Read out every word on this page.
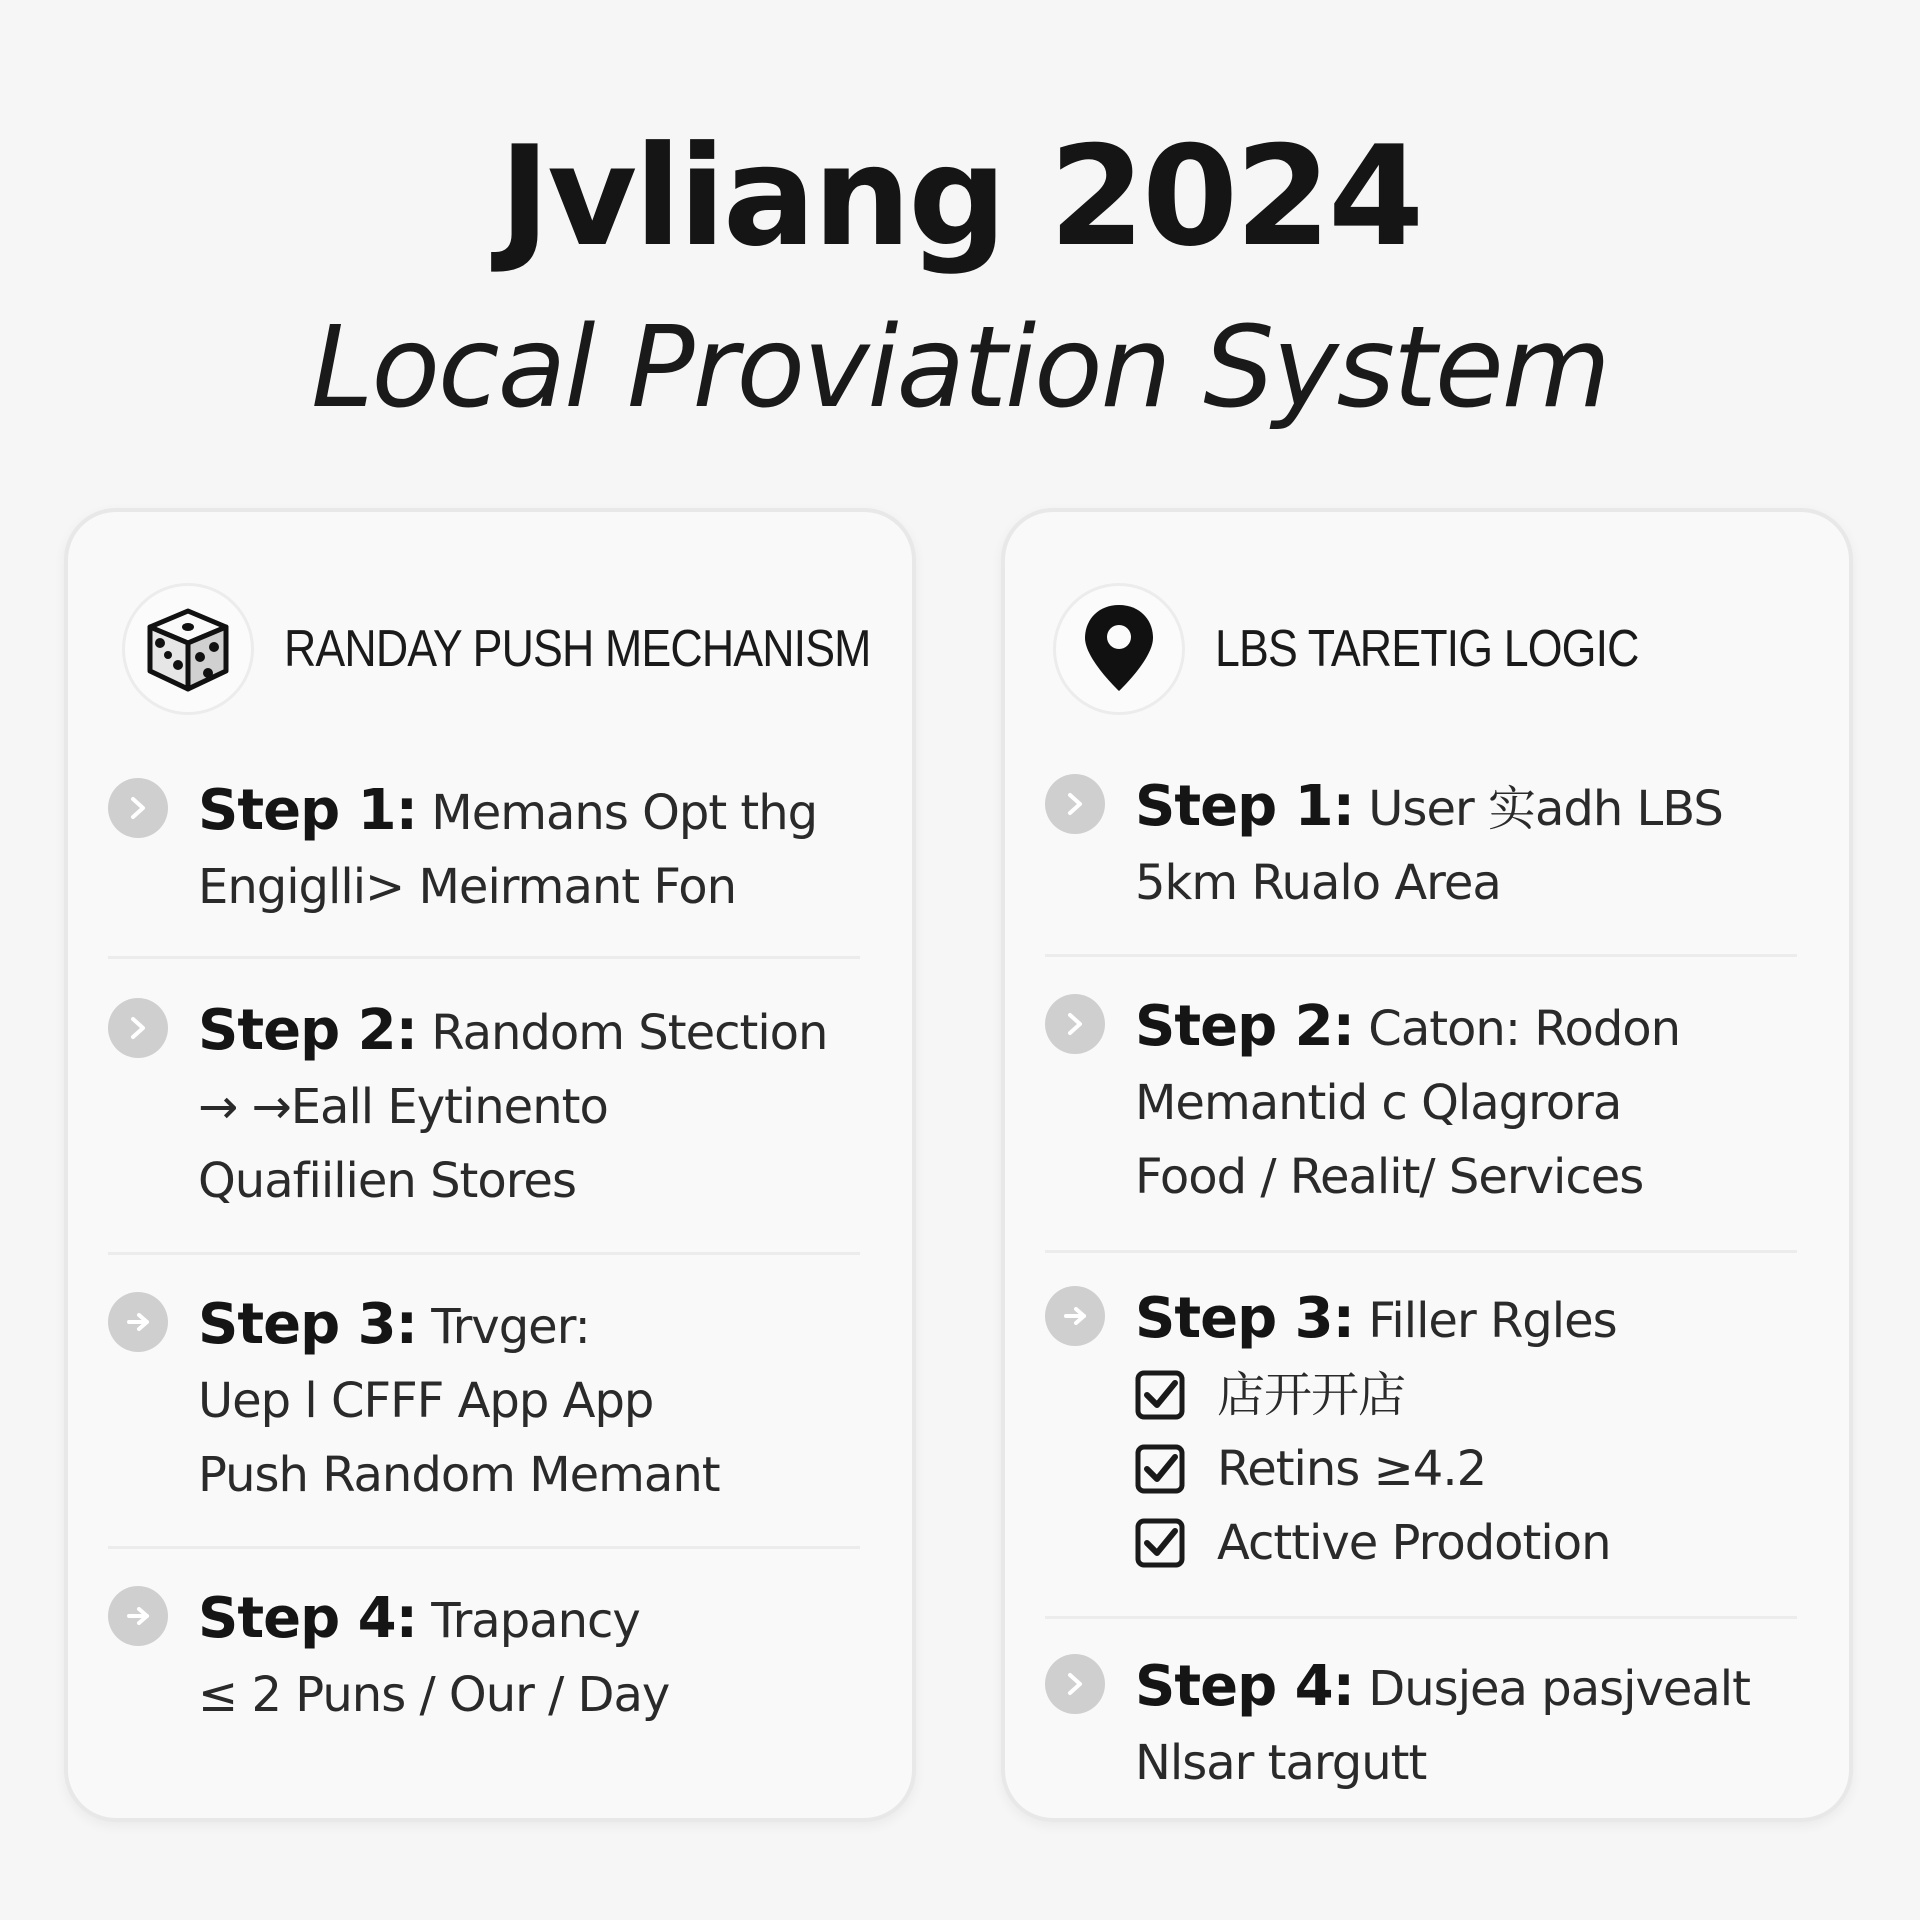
Jvliang 2024
Local Proviation System
RANDAY PUSH MECHANISM
Step 1: Memans Opt thg
Engiglli> Meirmant Fon
Step 2: Random Stection
→ →Eall Eytinento
Quafiilien Stores
Step 3: Trvger:
Uep l CFFF App App
Push Random Memant
Step 4: Trapancy
≤ 2 Puns / Our / Day
LBS TARETIG LOGIC
Step 1: User 实adh LBS
5km Rualo Area
Step 2: Caton: Rodon
Memantid c Qlagrora
Food / Realit/ Services
Step 3: Filler Rgles
店开开店
Retins ≥4.2
Acttive Prodotion
Step 4: Dusjea pasjvealt
Nlsar targutt
